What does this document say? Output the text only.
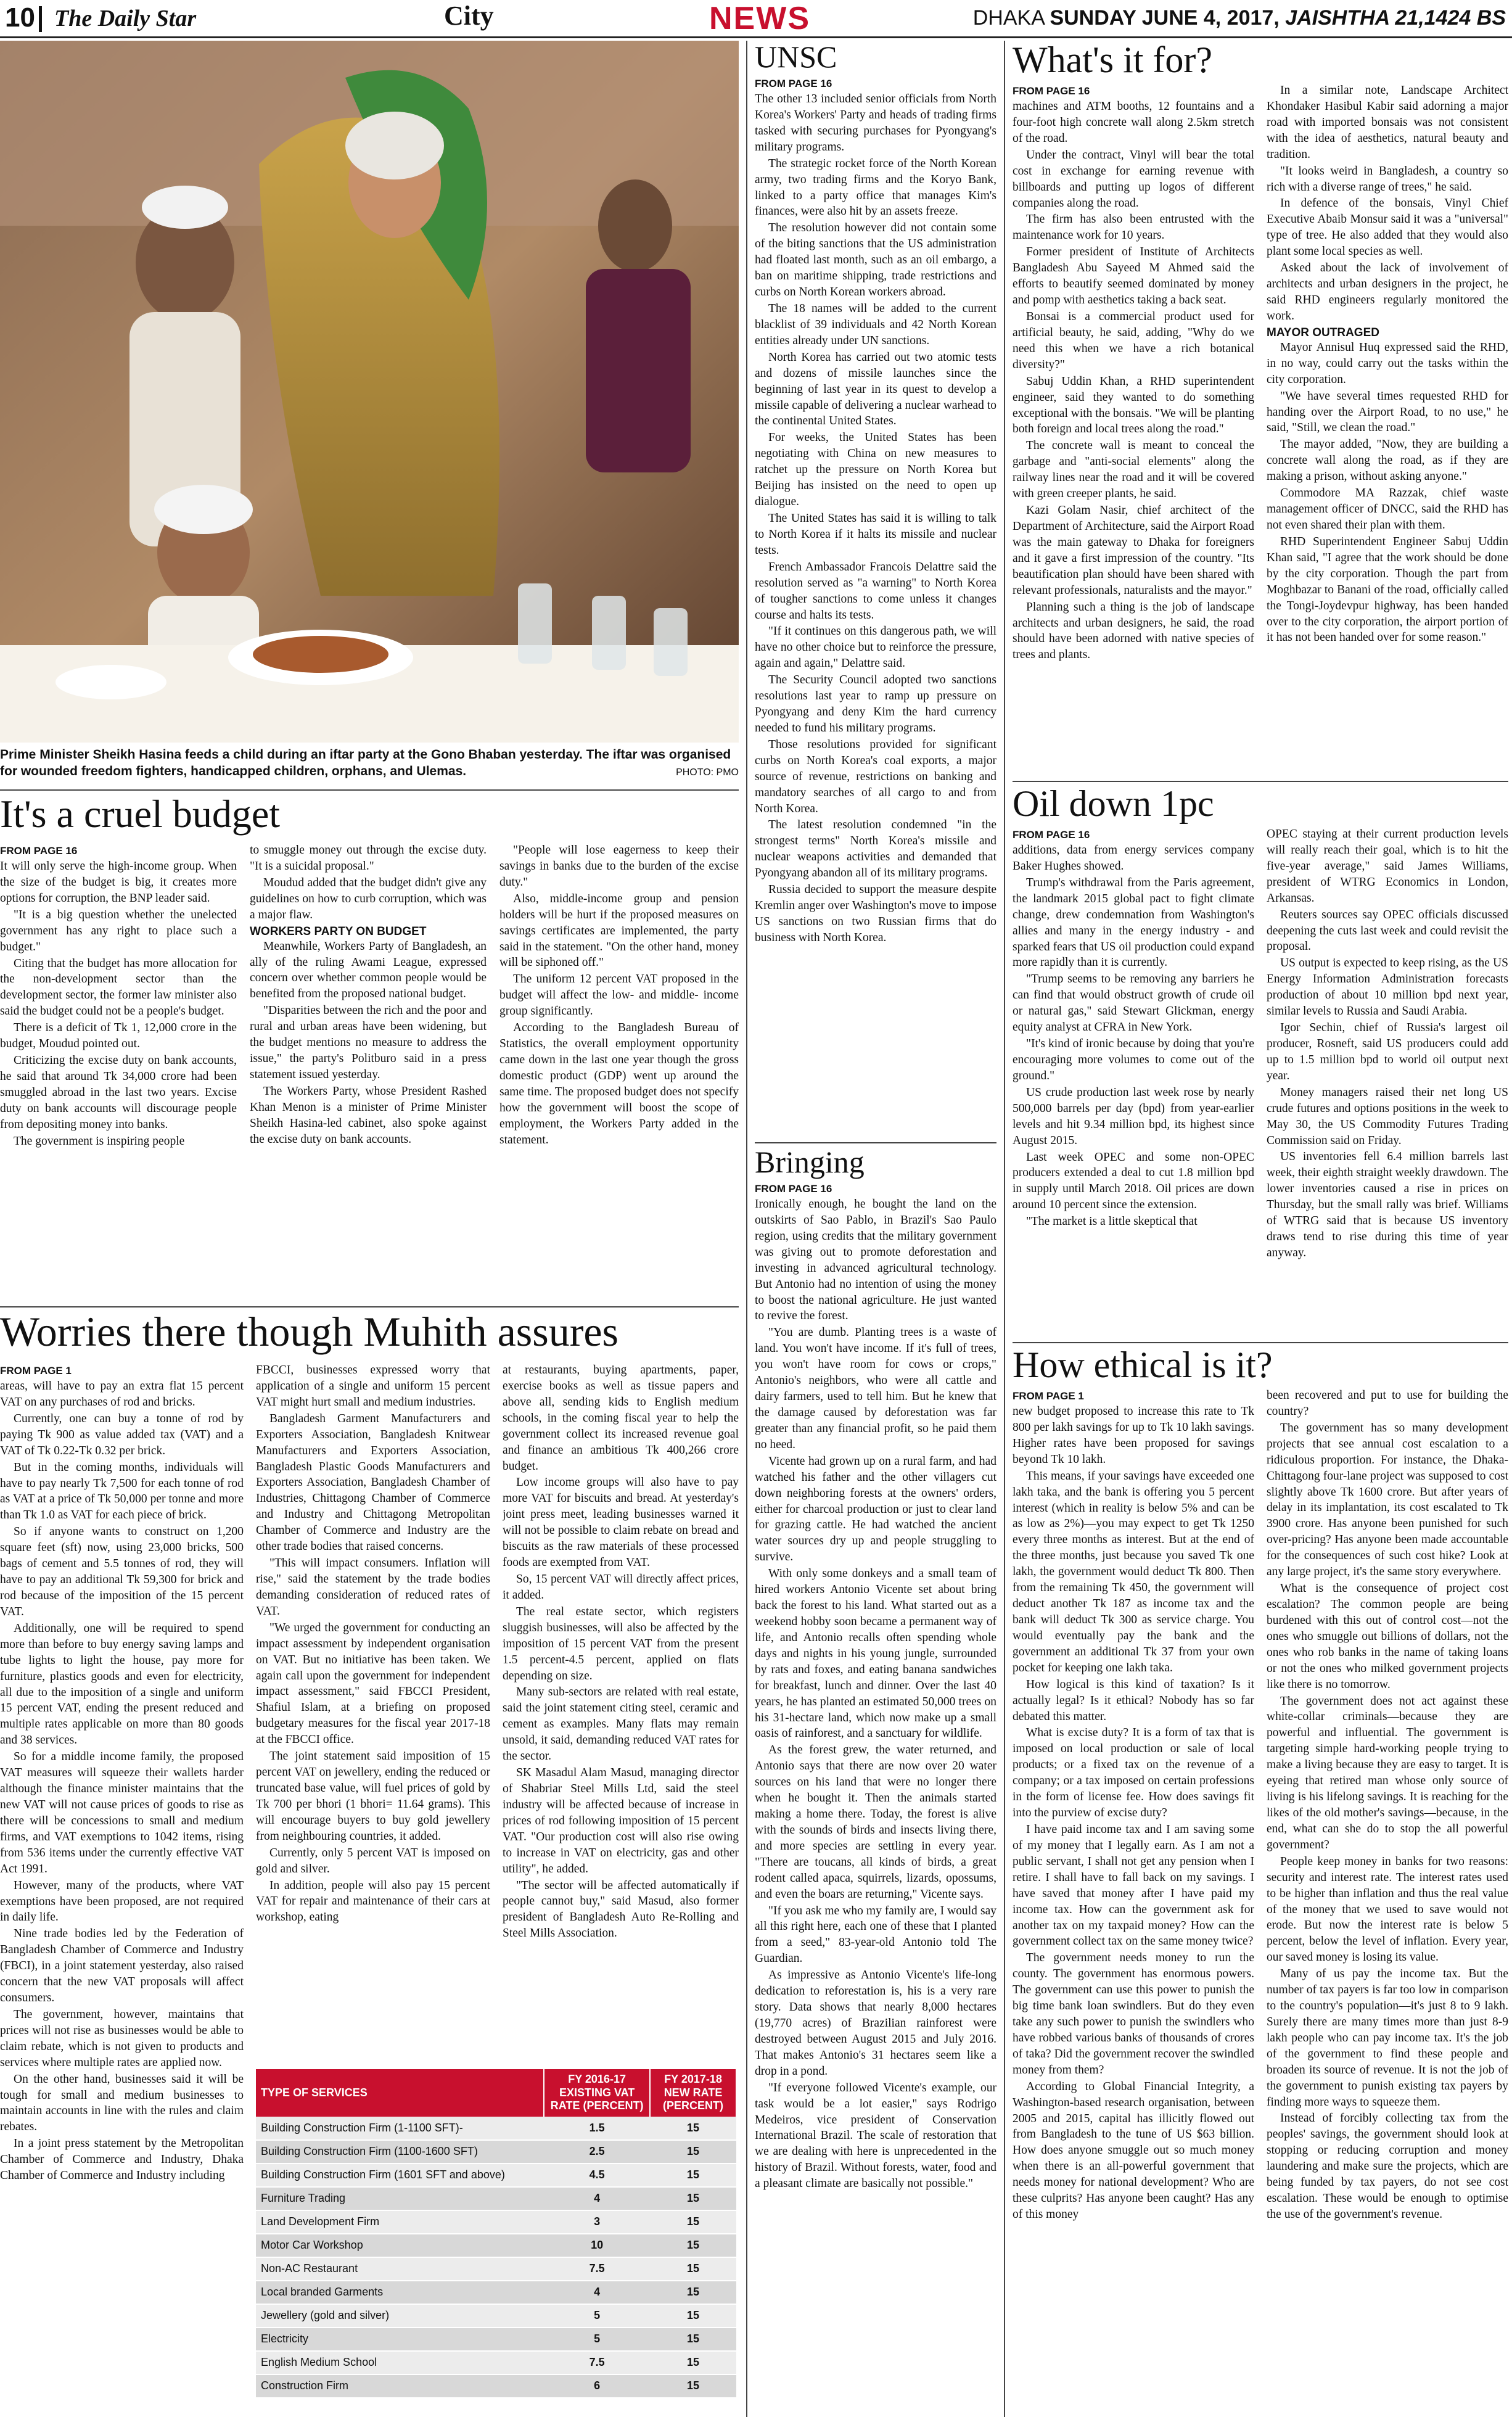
10 The Daily Star	City	NEWS	DHAKA SUNDAY JUNE 4, 2017, JAISHTHA 21,1424 BS
Prime Minister Sheikh Hasina feeds a child during an iftar party at the Gono Bhaban yesterday. The iftar was organised for wounded freedom fighters, handicapped children, orphans, and Ulemas.	PHOTO: PMO
It's a cruel budget
FROM PAGE 16

It will only serve the high-income group. When the size of the budget is big, it creates more options for corruption, the BNP leader said.

"It is a big question whether the unelected government has any right to place such a budget."

Citing that the budget has more allocation for the non-development sector than the development sector, the former law minister also said the budget could not be a people's budget.

There is a deficit of Tk 1, 12,000 crore in the budget, Moudud pointed out.

Criticizing the excise duty on bank accounts, he said that around Tk 34,000 crore had been smuggled abroad in the last two years. Excise duty on bank accounts will discourage people from depositing money into banks.

The government is inspiring people

to smuggle money out through the excise duty. "It is a suicidal proposal."

Moudud added that the budget didn't give any guidelines on how to curb corruption, which was a major flaw.

WORKERS PARTY ON BUDGET

Meanwhile, Workers Party of Bangladesh, an ally of the ruling Awami League, expressed concern over whether common people would be benefited from the proposed national budget.

"Disparities between the rich and the poor and rural and urban areas have been widening, but the budget mentions no measure to address the issue," the party's Politburo said in a press statement issued yesterday.

The Workers Party, whose President Rashed Khan Menon is a minister of Prime Minister Sheikh Hasina-led cabinet, also spoke against the excise duty on bank accounts.

"People will lose eagerness to keep their savings in banks due to the burden of the excise duty."

Also, middle-income group and pension holders will be hurt if the proposed measures on savings certificates are implemented, the party said in the statement. "On the other hand, money will be siphoned off."

The uniform 12 percent VAT proposed in the budget will affect the low- and middle- income group significantly.

According to the Bangladesh Bureau of Statistics, the overall employment opportunity came down in the last one year though the gross domestic product (GDP) went up around the same time. The proposed budget does not specify how the government will boost the scope of employment, the Workers Party added in the statement.

Worries there though Muhith assures
FROM PAGE 1

areas, will have to pay an extra flat 15 percent VAT on any purchases of rod and bricks.

Currently, one can buy a tonne of rod by paying Tk 900 as value added tax (VAT) and a VAT of Tk 0.22-Tk 0.32 per brick.

But in the coming months, individuals will have to pay nearly Tk 7,500 for each tonne of rod as VAT at a price of Tk 50,000 per tonne and more than Tk 1.0 as VAT for each piece of brick.

So if anyone wants to construct on 1,200 square feet (sft) now, using 23,000 bricks, 500 bags of cement and 5.5 tonnes of rod, they will have to pay an additional Tk 59,300 for brick and rod because of the imposition of the 15 percent VAT.

Additionally, one will be required to spend more than before to buy energy saving lamps and tube lights to light the house, pay more for furniture, plastics goods and even for electricity, all due to the imposition of a single and uniform 15 percent VAT, ending the present reduced and multiple rates applicable on more than 80 goods and 38 services.

So for a middle income family, the proposed VAT measures will squeeze their wallets harder although the finance minister maintains that the new VAT will not cause prices of goods to rise as there will be concessions to small and medium firms, and VAT exemptions to 1042 items, rising from 536 items under the currently effective VAT Act 1991.

However, many of the products, where VAT exemptions have been proposed, are not required in daily life.

Nine trade bodies led by the Federation of Bangladesh Chamber of Commerce and Industry (FBCI), in a joint statement yesterday, also raised concern that the new VAT proposals will affect consumers.

The government, however, maintains that prices will not rise as businesses would be able to claim rebate, which is not given to products and services where multiple rates are applied now.

On the other hand, businesses said it will be tough for small and medium businesses to maintain accounts in line with the rules and claim rebates.

In a joint press statement by the Metropolitan Chamber of Commerce and Industry, Dhaka Chamber of Commerce and Industry including

FBCCI, businesses expressed worry that application of a single and uniform 15 percent VAT might hurt small and medium industries.

Bangladesh Garment Manufacturers and Exporters Association, Bangladesh Knitwear Manufacturers and Exporters Association, Bangladesh Plastic Goods Manufacturers and Exporters Association, Bangladesh Chamber of Industries, Chittagong Chamber of Commerce and Industry and Chittagong Metropolitan Chamber of Commerce and Industry are the other trade bodies that raised concerns.

"This will impact consumers. Inflation will rise," said the statement by the trade bodies demanding consideration of reduced rates of VAT.

"We urged the government for conducting an impact assessment by independent organisation on VAT. But no initiative has been taken. We again call upon the government for independent impact assessment," said FBCCI President, Shafiul Islam, at a briefing on proposed budgetary measures for the fiscal year 2017-18 at the FBCCI office.

The joint statement said imposition of 15 percent VAT on jewellery, ending the reduced or truncated base value, will fuel prices of gold by Tk 700 per bhori (1 bhori= 11.64 grams). This will encourage buyers to buy gold jewellery from neighbouring countries, it added.

Currently, only 5 percent VAT is imposed on gold and silver.

In addition, people will also pay 15 percent VAT for repair and maintenance of their cars at workshop, eating

at restaurants, buying apartments, paper, exercise books as well as tissue papers and above all, sending kids to English medium schools, in the coming fiscal year to help the government collect its increased revenue goal and finance an ambitious Tk 400,266 crore budget.

Low income groups will also have to pay more VAT for biscuits and bread. At yesterday's joint press meet, leading businesses warned it will not be possible to claim rebate on bread and biscuits as the raw materials of these processed foods are exempted from VAT.

So, 15 percent VAT will directly affect prices, it added.

The real estate sector, which registers sluggish businesses, will also be affected by the imposition of 15 percent VAT from the present 1.5 percent-4.5 percent, applied on flats depending on size.

Many sub-sectors are related with real estate, said the joint statement citing steel, ceramic and cement as examples. Many flats may remain unsold, it said, demanding reduced VAT rates for the sector.

SK Masadul Alam Masud, managing director of Shabriar Steel Mills Ltd, said the steel industry will be affected because of increase in prices of rod following imposition of 15 percent VAT. "Our production cost will also rise owing to increase in VAT on electricity, gas and other utility", he added.

"The sector will be affected automatically if people cannot buy," said Masud, also former president of Bangladesh Auto Re-Rolling and Steel Mills Association.

TYPE OF SERVICES	FY 2016-17 EXISTING VAT RATE (PERCENT)	FY 2017-18 NEW RATE (PERCENT)
Building Construction Firm (1-1100 SFT)-	1.5	15
Building Construction Firm (1100-1600 SFT)	2.5	15
Building Construction Firm (1601 SFT and above)	4.5	15
Furniture Trading	4	15
Land Development Firm	3	15
Motor Car Workshop	10	15
Non-AC Restaurant	7.5	15
Local branded Garments	4	15
Jewellery (gold and silver)	5	15
Electricity	5	15
English Medium School	7.5	15
Construction Firm	6	15
UNSC
FROM PAGE 16

The other 13 included senior officials from North Korea's Workers' Party and heads of trading firms tasked with securing purchases for Pyongyang's military programs.

The strategic rocket force of the North Korean army, two trading firms and the Koryo Bank, linked to a party office that manages Kim's finances, were also hit by an assets freeze.

The resolution however did not contain some of the biting sanctions that the US administration had floated last month, such as an oil embargo, a ban on maritime shipping, trade restrictions and curbs on North Korean workers abroad.

The 18 names will be added to the current blacklist of 39 individuals and 42 North Korean entities already under UN sanctions.

North Korea has carried out two atomic tests and dozens of missile launches since the beginning of last year in its quest to develop a missile capable of delivering a nuclear warhead to the continental United States.

For weeks, the United States has been negotiating with China on new measures to ratchet up the pressure on North Korea but Beijing has insisted on the need to open up dialogue.

The United States has said it is willing to talk to North Korea if it halts its missile and nuclear tests.

French Ambassador Francois Delattre said the resolution served as "a warning" to North Korea of tougher sanctions to come unless it changes course and halts its tests.

"If it continues on this dangerous path, we will have no other choice but to reinforce the pressure, again and again," Delattre said.

The Security Council adopted two sanctions resolutions last year to ramp up pressure on Pyongyang and deny Kim the hard currency needed to fund his military programs.

Those resolutions provided for significant curbs on North Korea's coal exports, a major source of revenue, restrictions on banking and mandatory searches of all cargo to and from North Korea.

The latest resolution condemned "in the strongest terms" North Korea's missile and nuclear weapons activities and demanded that Pyongyang abandon all of its military programs.

Russia decided to support the measure despite Kremlin anger over Washington's move to impose US sanctions on two Russian firms that do business with North Korea.

Bringing
FROM PAGE 16

Ironically enough, he bought the land on the outskirts of Sao Pablo, in Brazil's Sao Paulo region, using credits that the military government was giving out to promote deforestation and investing in advanced agricultural technology. But Antonio had no intention of using the money to boost the national agriculture. He just wanted to revive the forest.

"You are dumb. Planting trees is a waste of land. You won't have income. If it's full of trees, you won't have room for cows or crops," Antonio's neighbors, who were all cattle and dairy farmers, used to tell him. But he knew that the damage caused by deforestation was far greater than any financial profit, so he paid them no heed.

Vicente had grown up on a rural farm, and had watched his father and the other villagers cut down neighboring forests at the owners' orders, either for charcoal production or just to clear land for grazing cattle. He had watched the ancient water sources dry up and people struggling to survive.

With only some donkeys and a small team of hired workers Antonio Vicente set about bring back the forest to his land. What started out as a weekend hobby soon became a permanent way of life, and Antonio recalls often spending whole days and nights in his young jungle, surrounded by rats and foxes, and eating banana sandwiches for breakfast, lunch and dinner. Over the last 40 years, he has planted an estimated 50,000 trees on his 31-hectare land, which now make up a small oasis of rainforest, and a sanctuary for wildlife.

As the forest grew, the water returned, and Antonio says that there are now over 20 water sources on his land that were no longer there when he bought it. Then the animals started making a home there. Today, the forest is alive with the sounds of birds and insects living there, and more species are settling in every year. "There are toucans, all kinds of birds, a great rodent called apaca, squirrels, lizards, opossums, and even the boars are returning," Vicente says.

"If you ask me who my family are, I would say all this right here, each one of these that I planted from a seed," 83-year-old Antonio told The Guardian.

As impressive as Antonio Vicente's life-long dedication to reforestation is, his is a very rare story. Data shows that nearly 8,000 hectares (19,770 acres) of Brazilian rainforest were destroyed between August 2015 and July 2016. That makes Antonio's 31 hectares seem like a drop in a pond.

"If everyone followed Vicente's example, our task would be a lot easier," says Rodrigo Medeiros, vice president of Conservation International Brazil. The scale of restoration that we are dealing with here is unprecedented in the history of Brazil. Without forests, water, food and a pleasant climate are basically not possible."

What's it for?
FROM PAGE 16

machines and ATM booths, 12 fountains and a four-foot high concrete wall along 2.5km stretch of the road.

Under the contract, Vinyl will bear the total cost in exchange for earning revenue with billboards and putting up logos of different companies along the road.

The firm has also been entrusted with the maintenance work for 10 years.

Former president of Institute of Architects Bangladesh Abu Sayeed M Ahmed said the efforts to beautify seemed dominated by money and pomp with aesthetics taking a back seat.

Bonsai is a commercial product used for artificial beauty, he said, adding, "Why do we need this when we have a rich botanical diversity?"

Sabuj Uddin Khan, a RHD superintendent engineer, said they wanted to do something exceptional with the bonsais. "We will be planting both foreign and local trees along the road."

The concrete wall is meant to conceal the garbage and "anti-social elements" along the railway lines near the road and it will be covered with green creeper plants, he said.

Kazi Golam Nasir, chief architect of the Department of Architecture, said the Airport Road was the main gateway to Dhaka for foreigners and it gave a first impression of the country. "Its beautification plan should have been shared with relevant professionals, naturalists and the mayor."

Planning such a thing is the job of landscape architects and urban designers, he said, the road should have been adorned with native species of trees and plants.

In a similar note, Landscape Architect Khondaker Hasibul Kabir said adorning a major road with imported bonsais was not consistent with the idea of aesthetics, natural beauty and tradition.

"It looks weird in Bangladesh, a country so rich with a diverse range of trees," he said.

In defence of the bonsais, Vinyl Chief Executive Abaib Monsur said it was a "universal" type of tree. He also added that they would also plant some local species as well.

Asked about the lack of involvement of architects and urban designers in the project, he said RHD engineers regularly monitored the work.

MAYOR OUTRAGED

Mayor Annisul Huq expressed said the RHD, in no way, could carry out the tasks within the city corporation.

"We have several times requested RHD for handing over the Airport Road, to no use," he said, "Still, we clean the road."

The mayor added, "Now, they are building a concrete wall along the road, as if they are making a prison, without asking anyone."

Commodore MA Razzak, chief waste management officer of DNCC, said the RHD has not even shared their plan with them.

RHD Superintendent Engineer Sabuj Uddin Khan said, "I agree that the work should be done by the city corporation. Though the part from Moghbazar to Banani of the road, officially called the Tongi-Joydevpur highway, has been handed over to the city corporation, the airport portion of it has not been handed over for some reason."

Oil down 1pc
FROM PAGE 16

additions, data from energy services company Baker Hughes showed.

Trump's withdrawal from the Paris agreement, the landmark 2015 global pact to fight climate change, drew condemnation from Washington's allies and many in the energy industry - and sparked fears that US oil production could expand more rapidly than it is currently.

"Trump seems to be removing any barriers he can find that would obstruct growth of crude oil or natural gas," said Stewart Glickman, energy equity analyst at CFRA in New York.

"It's kind of ironic because by doing that you're encouraging more volumes to come out of the ground."

US crude production last week rose by nearly 500,000 barrels per day (bpd) from year-earlier levels and hit 9.34 million bpd, its highest since August 2015.

Last week OPEC and some non-OPEC producers extended a deal to cut 1.8 million bpd in supply until March 2018. Oil prices are down around 10 percent since the extension.

"The market is a little skeptical that

OPEC staying at their current production levels will really reach their goal, which is to hit the five-year average," said James Williams, president of WTRG Economics in London, Arkansas.

Reuters sources say OPEC officials discussed deepening the cuts last week and could revisit the proposal.

US output is expected to keep rising, as the US Energy Information Administration forecasts production of about 10 million bpd next year, similar levels to Russia and Saudi Arabia.

Igor Sechin, chief of Russia's largest oil producer, Rosneft, said US producers could add up to 1.5 million bpd to world oil output next year.

Money managers raised their net long US crude futures and options positions in the week to May 30, the US Commodity Futures Trading Commission said on Friday.

US inventories fell 6.4 million barrels last week, their eighth straight weekly drawdown. The lower inventories caused a rise in prices on Thursday, but the small rally was brief. Williams of WTRG said that is because US inventory draws tend to rise during this time of year anyway.

How ethical is it?
FROM PAGE 1

new budget proposed to increase this rate to Tk 800 per lakh savings for up to Tk 10 lakh savings. Higher rates have been proposed for savings beyond Tk 10 lakh.

This means, if your savings have exceeded one lakh taka, and the bank is offering you 5 percent interest (which in reality is below 5% and can be as low as 2%)—you may expect to get Tk 1250 every three months as interest. But at the end of the three months, just because you saved Tk one lakh, the government would deduct Tk 800. Then from the remaining Tk 450, the government will deduct another Tk 187 as income tax and the bank will deduct Tk 300 as service charge. You would eventually pay the bank and the government an additional Tk 37 from your own pocket for keeping one lakh taka.

How logical is this kind of taxation? Is it actually legal? Is it ethical? Nobody has so far debated this matter.

What is excise duty? It is a form of tax that is imposed on local production or sale of local products; or a fixed tax on the revenue of a company; or a tax imposed on certain professions in the form of license fee. How does savings fit into the purview of excise duty?

I have paid income tax and I am saving some of my money that I legally earn. As I am not a public servant, I shall not get any pension when I retire. I shall have to fall back on my savings. I have saved that money after I have paid my income tax. How can the government ask for another tax on my taxpaid money? How can the government collect tax on the same money twice?

The government needs money to run the county. The government has enormous powers. The government can use this power to punish the big time bank loan swindlers. But do they even take any such power to punish the swindlers who have robbed various banks of thousands of crores of taka? Did the government recover the swindled money from them?

According to Global Financial Integrity, a Washington-based research organisation, between 2005 and 2015, capital has illicitly flowed out from Bangladesh to the tune of US $63 billion. How does anyone smuggle out so much money when there is an all-powerful government that needs money for national development? Who are these culprits? Has anyone been caught? Has any of this money

been recovered and put to use for building the country?

The government has so many development projects that see annual cost escalation to a ridiculous proportion. For instance, the Dhaka-Chittagong four-lane project was supposed to cost slightly above Tk 1600 crore. But after years of delay in its implantation, its cost escalated to Tk 3900 crore. Has anyone been punished for such over-pricing? Has anyone been made accountable for the consequences of such cost hike? Look at any large project, it's the same story everywhere.

What is the consequence of project cost escalation? The common people are being burdened with this out of control cost—not the ones who smuggle out billions of dollars, not the ones who rob banks in the name of taking loans or not the ones who milked government projects like there is no tomorrow.

The government does not act against these white-collar criminals—because they are powerful and influential. The government is targeting simple hard-working people trying to make a living because they are easy to target. It is eyeing that retired man whose only source of living is his lifelong savings. It is reaching for the likes of the old mother's savings—because, in the end, what can she do to stop the all powerful government?

People keep money in banks for two reasons: security and interest rate. The interest rates used to be higher than inflation and thus the real value of the money that we used to save would not erode. But now the interest rate is below 5 percent, below the level of inflation. Every year, our saved money is losing its value.

Many of us pay the income tax. But the number of tax payers is far too low in comparison to the country's population—it's just 8 to 9 lakh. Surely there are many times more than just 8-9 lakh people who can pay income tax. It's the job of the government to find these people and broaden its source of revenue. It is not the job of the government to punish existing tax payers by finding more ways to squeeze them.

Instead of forcibly collecting tax from the peoples' savings, the government should look at stopping or reducing corruption and money laundering and make sure the projects, which are being funded by tax payers, do not see cost escalation. These would be enough to optimise the use of the government's revenue.
